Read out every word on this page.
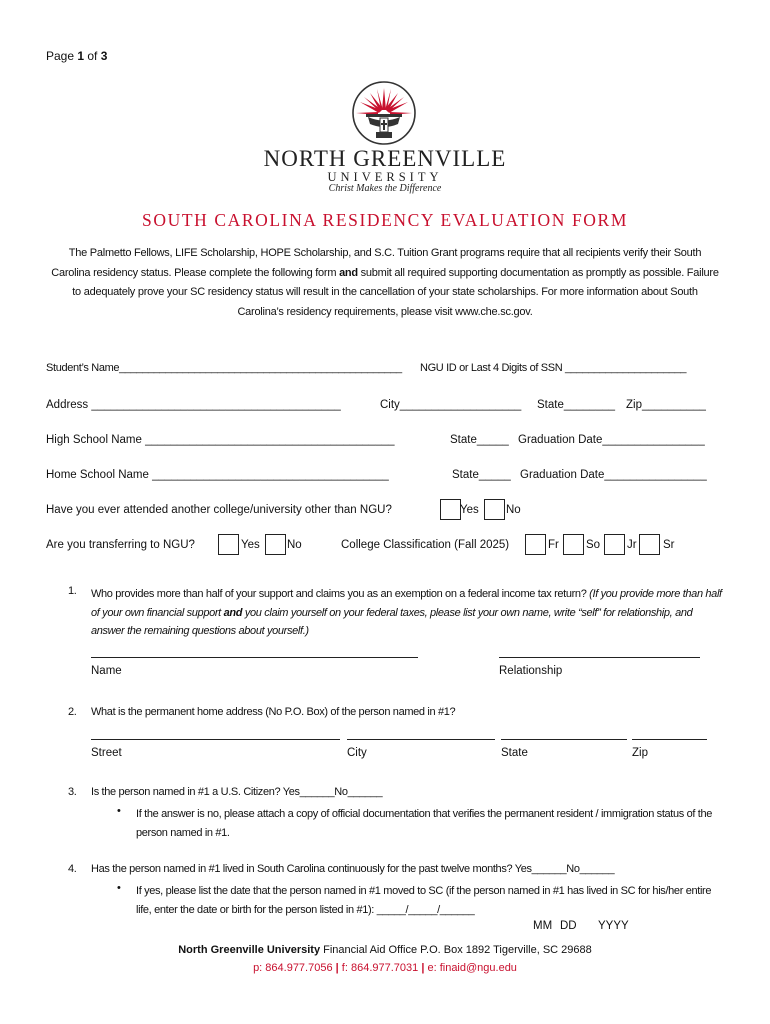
Page 1 of 3
NORTH GREENVILLE
UNIVERSITY
Christ Makes the Difference
SOUTH CAROLINA RESIDENCY EVALUATION FORM
The Palmetto Fellows, LIFE Scholarship, HOPE Scholarship, and S.C. Tuition Grant programs require that all recipients verify their South Carolina residency status. Please complete the following form and submit all required supporting documentation as promptly as possible. Failure to adequately prove your SC residency status will result in the cancellation of your state scholarships. For more information about South Carolina’s residency requirements, please visit www.che.sc.gov.
Student’s Name_________________________________________________ NGU ID or Last 4 Digits of SSN _____________________
Address _______________________________________	City___________________ State________ Zip__________
High School Name _______________________________________	State_____ Graduation Date________________
Home School Name _____________________________________	State_____ Graduation Date________________
Have you ever attended another college/university other than NGU?	Yes No
Are you transferring to NGU?	Yes No	College Classification (Fall 2025)	Fr So Jr Sr
1. Who provides more than half of your support and claims you as an exemption on a federal income tax return? (If you provide more than half of your own financial support and you claim yourself on your federal taxes, please list your own name, write “self” for relationship, and answer the remaining questions about yourself.)
Name	Relationship
2. What is the permanent home address (No P.O. Box) of the person named in #1?
Street	City	State	Zip
3. Is the person named in #1 a U.S. Citizen? Yes______No______
• If the answer is no, please attach a copy of official documentation that verifies the permanent resident / immigration status of the person named in #1.
4. Has the person named in #1 lived in South Carolina continuously for the past twelve months? Yes______No______
• If yes, please list the date that the person named in #1 moved to SC (if the person named in #1 has lived in SC for his/her entire life, enter the date or birth for the person listed in #1): _____/_____/______
MM DD YYYY
North Greenville University Financial Aid Office P.O. Box 1892 Tigerville, SC 29688
p: 864.977.7056 | f: 864.977.7031 | e: finaid@ngu.edu
